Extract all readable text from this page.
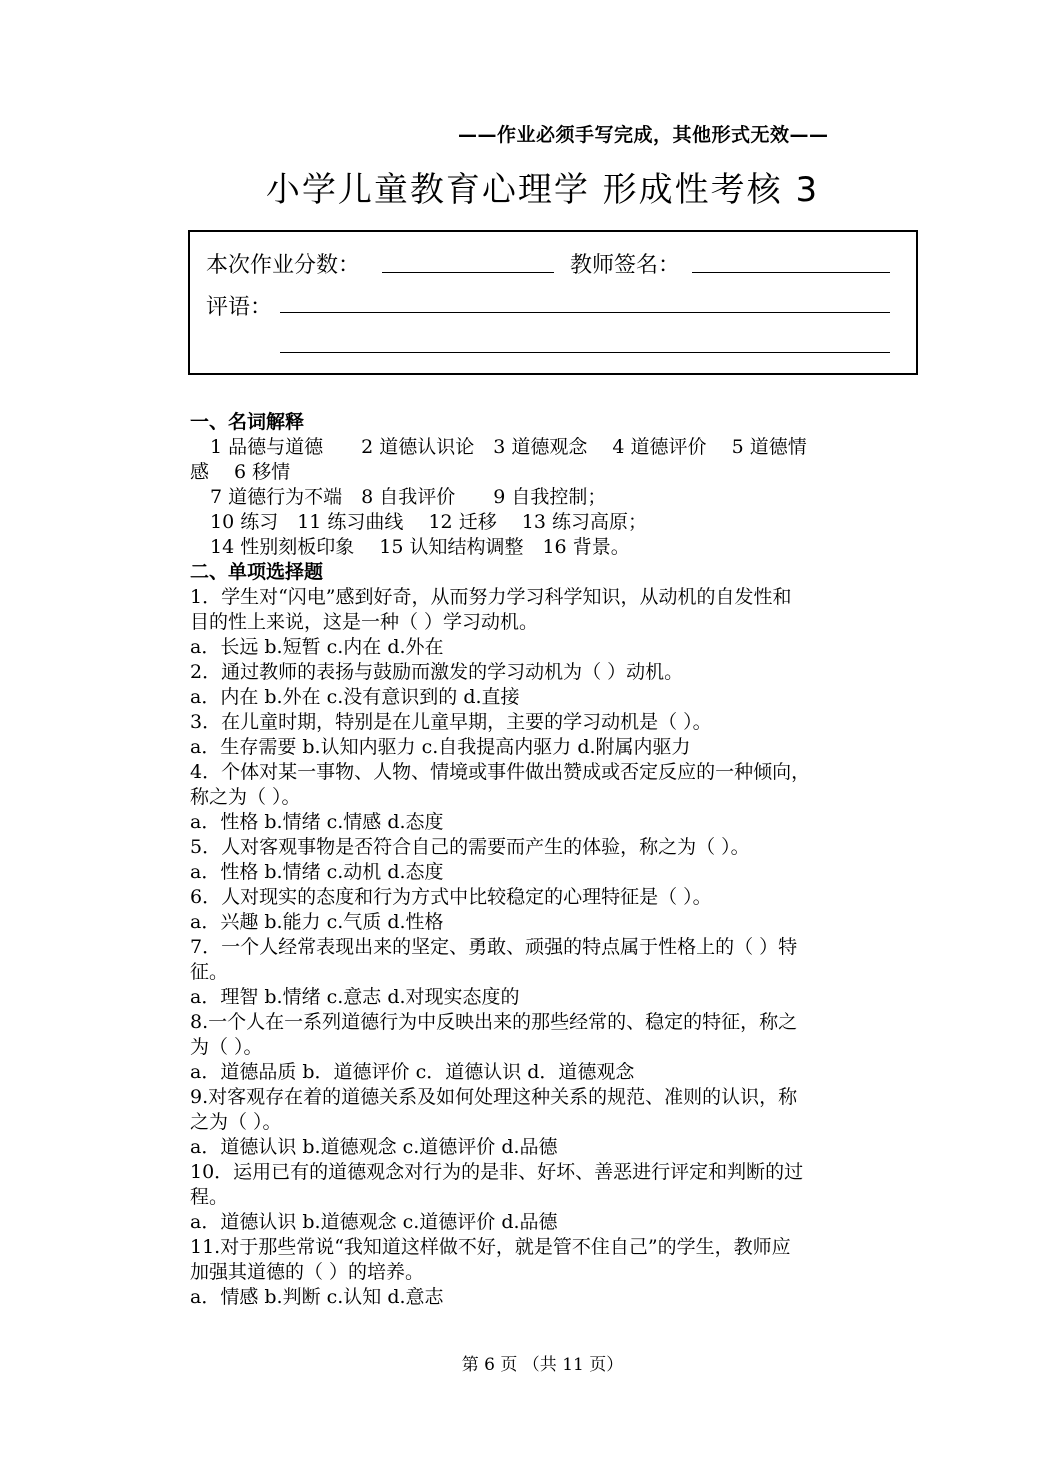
——作业必须手写完成，其他形式无效——
小学儿童教育心理学 形成性考核 3
本次作业分数：	教师签名：
评语：
一、名词解释
1 品德与道德　　2 道德认识论　3 道德观念　 4 道德评价　 5 道德情
感　 6 移情
7 道德行为不端　8 自我评价　　9 自我控制；
10 练习　11 练习曲线　 12 迁移　 13 练习高原；
14 性别刻板印象　 15 认知结构调整　16 背景。
二、单项选择题
1．学生对“闪电”感到好奇，从而努力学习科学知识，从动机的自发性和
目的性上来说，这是一种（ ）学习动机。
a．长远 b.短暂 c.内在 d.外在
2．通过教师的表扬与鼓励而激发的学习动机为（ ）动机。
a．内在 b.外在 c.没有意识到的 d.直接
3．在儿童时期，特别是在儿童早期，主要的学习动机是（ ）。
a．生存需要 b.认知内驱力 c.自我提高内驱力 d.附属内驱力
4．个体对某一事物、人物、情境或事件做出赞成或否定反应的一种倾向，
称之为（ ）。
a．性格 b.情绪 c.情感 d.态度
5．人对客观事物是否符合自己的需要而产生的体验，称之为（ ）。
a．性格 b.情绪 c.动机 d.态度
6．人对现实的态度和行为方式中比较稳定的心理特征是（ ）。
a．兴趣 b.能力 c.气质 d.性格
7．一个人经常表现出来的坚定、勇敢、顽强的特点属于性格上的（ ）特
征。
a．理智 b.情绪 c.意志 d.对现实态度的
8.一个人在一系列道德行为中反映出来的那些经常的、稳定的特征，称之
为（ ）。
a．道德品质 b．道德评价 c．道德认识 d．道德观念
9.对客观存在着的道德关系及如何处理这种关系的规范、准则的认识，称
之为（ ）。
a．道德认识 b.道德观念 c.道德评价 d.品德
10．运用已有的道德观念对行为的是非、好坏、善恶进行评定和判断的过
程。
a．道德认识 b.道德观念 c.道德评价 d.品德
11.对于那些常说“我知道这样做不好，就是管不住自己”的学生，教师应
加强其道德的（ ）的培养。
a．情感 b.判断 c.认知 d.意志
第 6 页 （共 11 页）
